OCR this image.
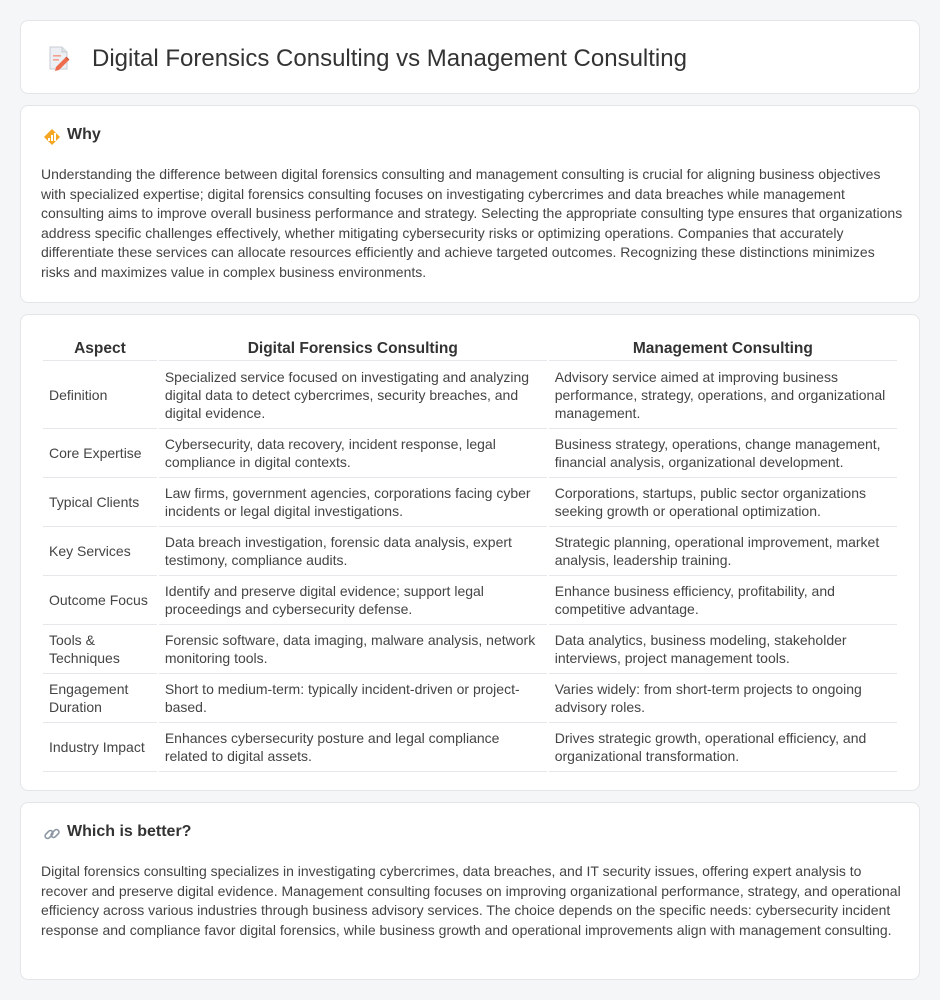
Digital Forensics Consulting vs Management Consulting
Why

Understanding the difference between digital forensics consulting and management consulting is crucial for aligning business objectives with specialized expertise; digital forensics consulting focuses on investigating cybercrimes and data breaches while management consulting aims to improve overall business performance and strategy. Selecting the appropriate consulting type ensures that organizations address specific challenges effectively, whether mitigating cybersecurity risks or optimizing operations. Companies that accurately differentiate these services can allocate resources efficiently and achieve targeted outcomes. Recognizing these distinctions minimizes risks and maximizes value in complex business environments.

Aspect	Digital Forensics Consulting	Management Consulting
Definition	Specialized service focused on investigating and analyzing digital data to detect cybercrimes, security breaches, and digital evidence.	Advisory service aimed at improving business performance, strategy, operations, and organizational management.
Core Expertise	Cybersecurity, data recovery, incident response, legal compliance in digital contexts.	Business strategy, operations, change management, financial analysis, organizational development.
Typical Clients	Law firms, government agencies, corporations facing cyber incidents or legal digital investigations.	Corporations, startups, public sector organizations seeking growth or operational optimization.
Key Services	Data breach investigation, forensic data analysis, expert testimony, compliance audits.	Strategic planning, operational improvement, market analysis, leadership training.
Outcome Focus	Identify and preserve digital evidence; support legal proceedings and cybersecurity defense.	Enhance business efficiency, profitability, and competitive advantage.
Tools & Techniques	Forensic software, data imaging, malware analysis, network monitoring tools.	Data analytics, business modeling, stakeholder interviews, project management tools.
Engagement Duration	Short to medium-term: typically incident-driven or project-based.	Varies widely: from short-term projects to ongoing advisory roles.
Industry Impact	Enhances cybersecurity posture and legal compliance related to digital assets.	Drives strategic growth, operational efficiency, and organizational transformation.
Which is better?

Digital forensics consulting specializes in investigating cybercrimes, data breaches, and IT security issues, offering expert analysis to recover and preserve digital evidence. Management consulting focuses on improving organizational performance, strategy, and operational efficiency across various industries through business advisory services. The choice depends on the specific needs: cybersecurity incident response and compliance favor digital forensics, while business growth and operational improvements align with management consulting.
